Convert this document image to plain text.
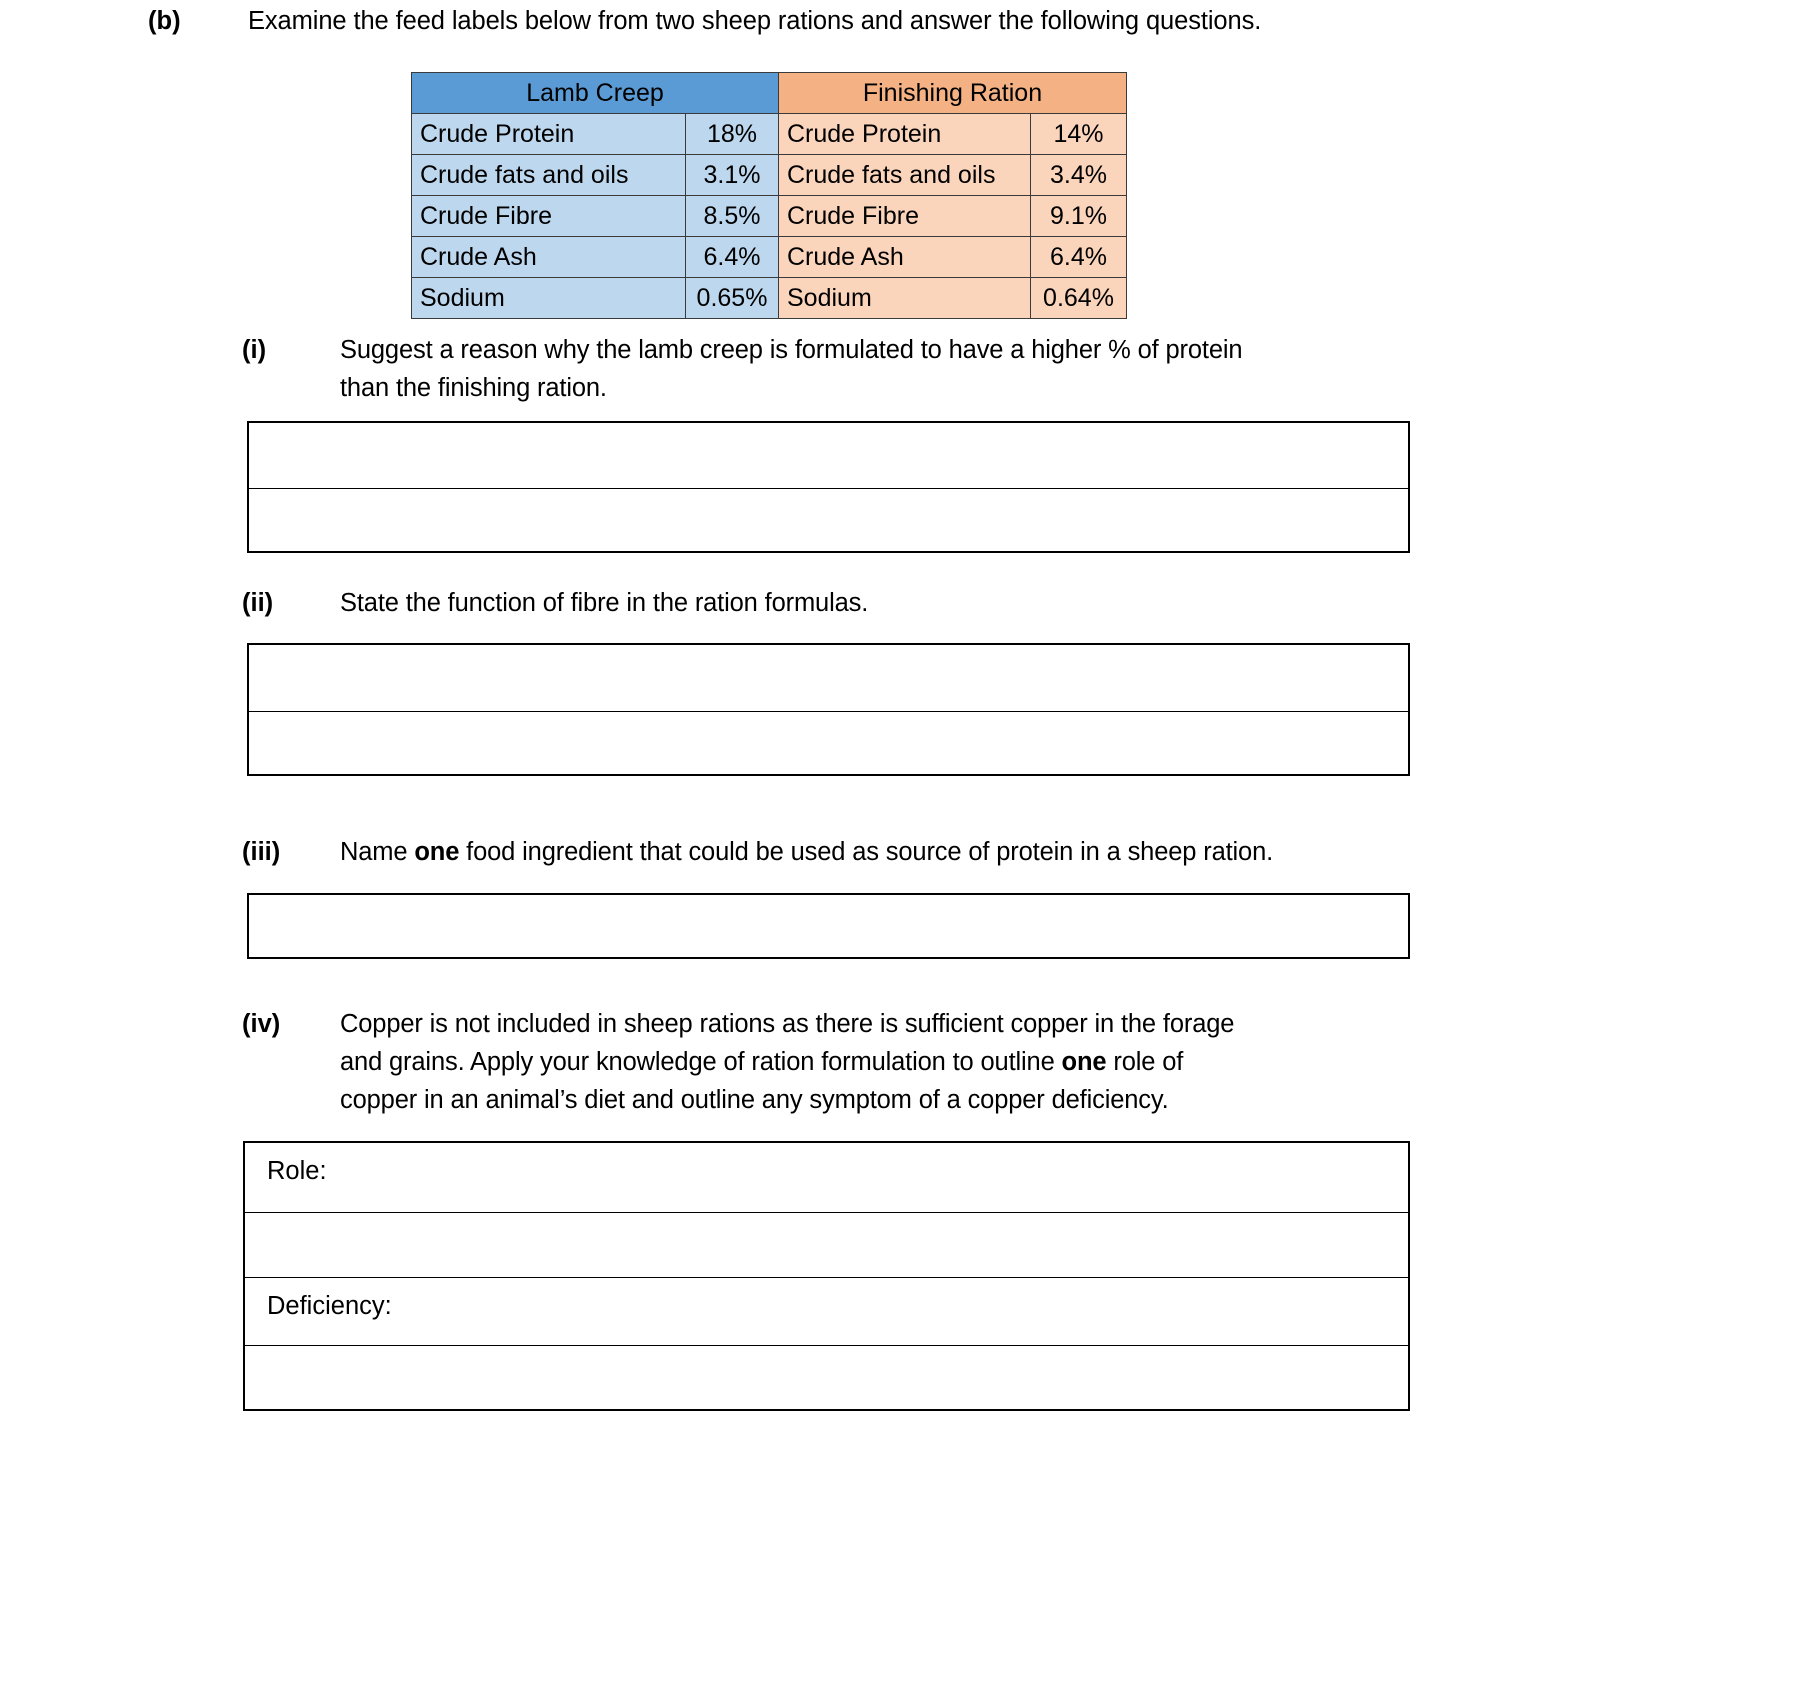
(b)	Examine the feed labels below from two sheep rations and answer the following questions.
Lamb Creep		Finishing Ration	
Crude Protein	18%	Crude Protein	14%
Crude fats and oils	3.1%	Crude fats and oils	3.4%
Crude Fibre	8.5%	Crude Fibre	9.1%
Crude Ash	6.4%	Crude Ash	6.4%
Sodium	0.65%	Sodium	0.64%
(i)	Suggest a reason why the lamb creep is formulated to have a higher % of protein
than the finishing ration.
(ii)	State the function of fibre in the ration formulas.
(iii)	Name one food ingredient that could be used as source of protein in a sheep ration.
(iv)	Copper is not included in sheep rations as there is sufficient copper in the forage
and grains. Apply your knowledge of ration formulation to outline one role of
copper in an animal’s diet and outline any symptom of a copper deficiency.
Role:
Deficiency:
